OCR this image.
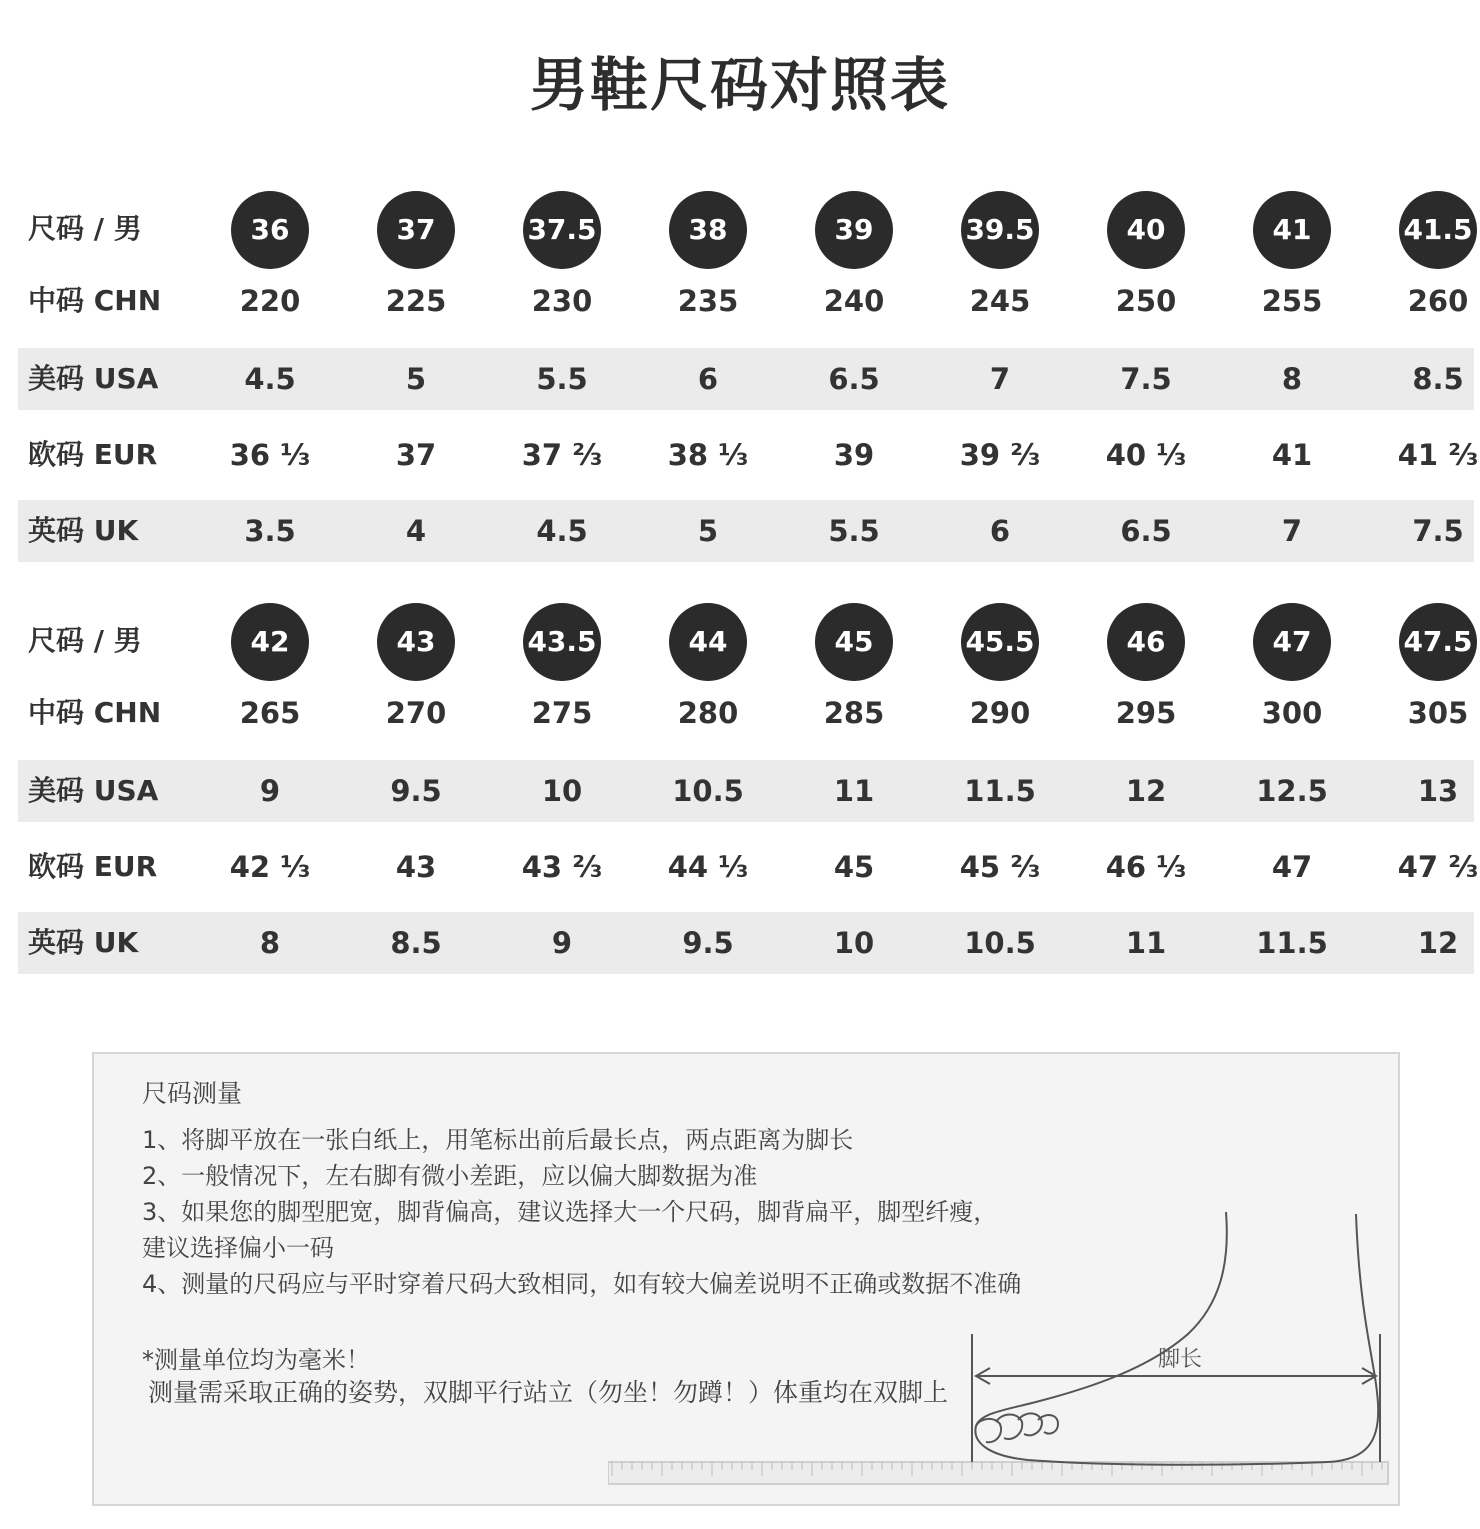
男鞋尺码对照表
尺码 / 男	36	37	37.5	38	39	39.5	40	41	41.5
中码 CHN	220	225	230	235	240	245	250	255	260
美码 USA	4.5	5	5.5	6	6.5	7	7.5	8	8.5
欧码 EUR	36 ⅓	37	37 ⅔	38 ⅓	39	39 ⅔	40 ⅓	41	41 ⅔
英码 UK	3.5	4	4.5	5	5.5	6	6.5	7	7.5
尺码 / 男	42	43	43.5	44	45	45.5	46	47	47.5
中码 CHN	265	270	275	280	285	290	295	300	305
美码 USA	9	9.5	10	10.5	11	11.5	12	12.5	13
欧码 EUR	42 ⅓	43	43 ⅔	44 ⅓	45	45 ⅔	46 ⅓	47	47 ⅔
英码 UK	8	8.5	9	9.5	10	10.5	11	11.5	12
尺码测量
1、将脚平放在一张白纸上，用笔标出前后最长点，两点距离为脚长
2、一般情况下，左右脚有微小差距，应以偏大脚数据为准
3、如果您的脚型肥宽，脚背偏高，建议选择大一个尺码，脚背扁平，脚型纤瘦，
建议选择偏小一码
4、测量的尺码应与平时穿着尺码大致相同，如有较大偏差说明不正确或数据不准确
*测量单位均为毫米！
测量需采取正确的姿势，双脚平行站立（勿坐！勿蹲！）体重均在双脚上
脚长
